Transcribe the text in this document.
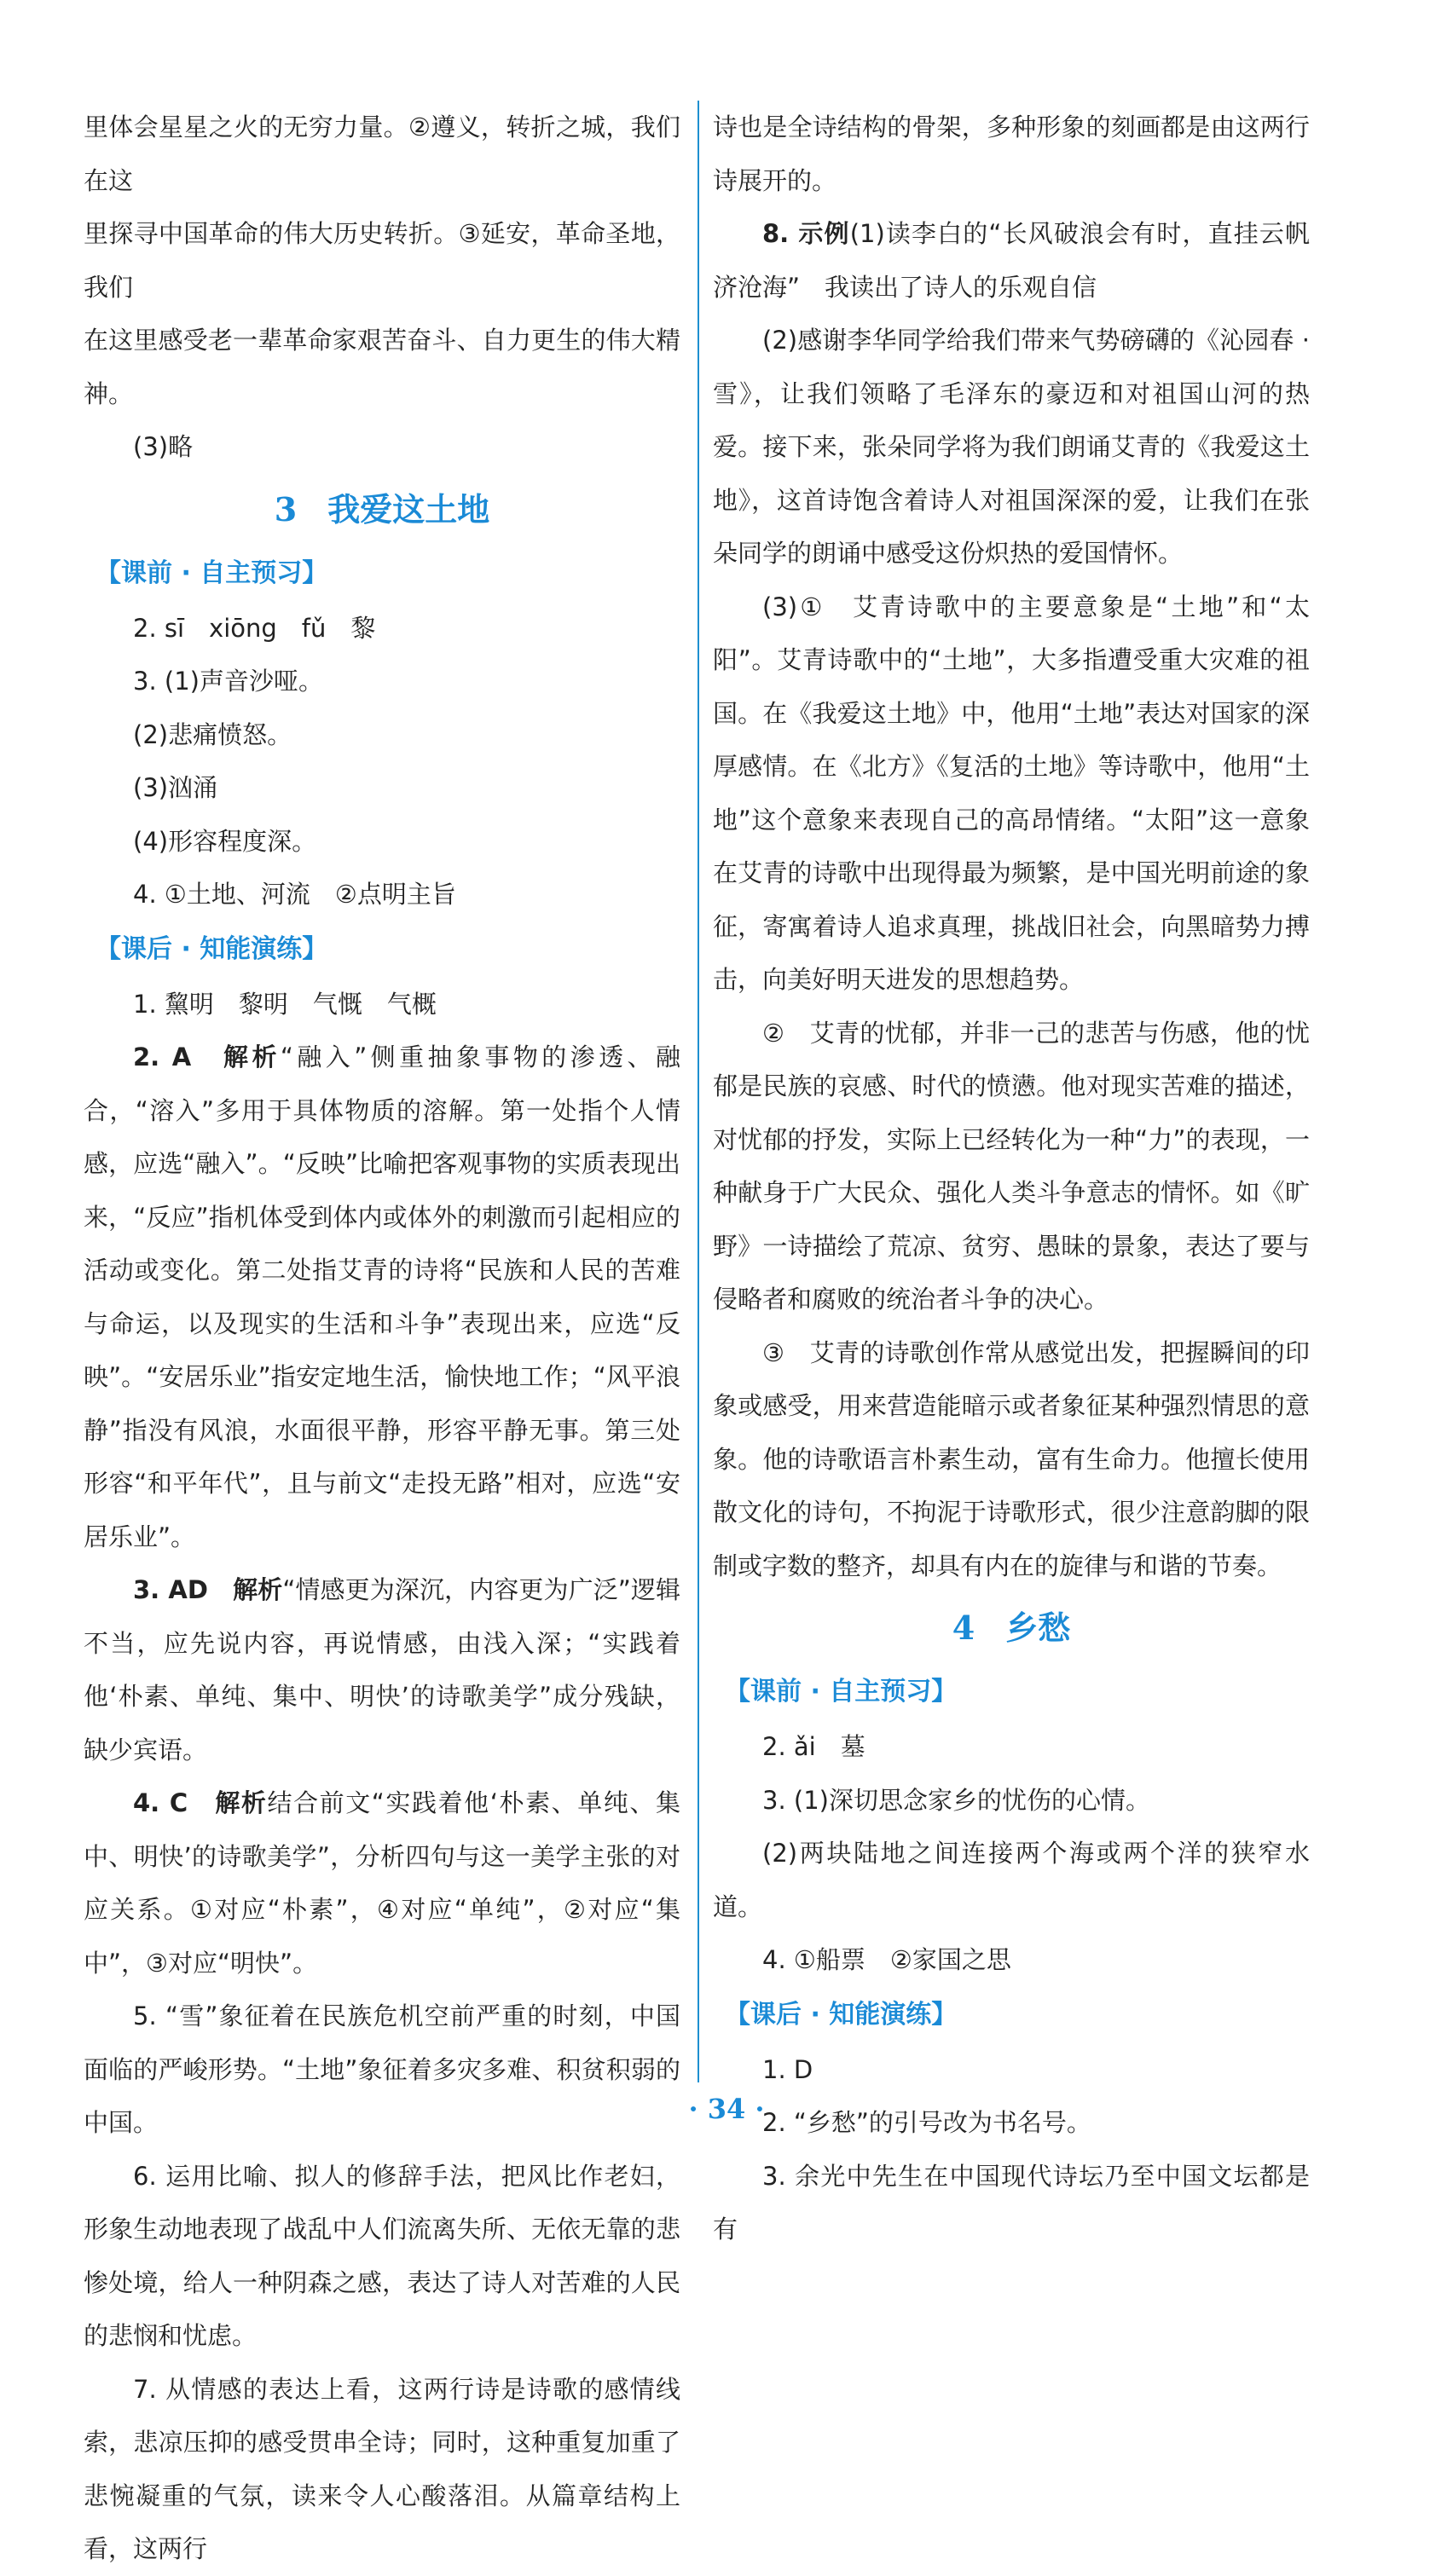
里体会星星之火的无穷力量。②遵义，转折之城，我们在这

里探寻中国革命的伟大历史转折。③延安，革命圣地，我们

在这里感受老一辈革命家艰苦奋斗、自力更生的伟大精神。

(3)略

3 我爱这土地

【课前 · 自主预习】

2. sī　xiōng　fǔ　黎

3. (1)声音沙哑。

(2)悲痛愤怒。

(3)汹涌

(4)形容程度深。

4. ①土地、河流　②点明主旨

【课后 · 知能演练】

1. 黧明　黎明　气慨　气概

2. A　解析“融入”侧重抽象事物的渗透、融合，“溶入”多用于具体物质的溶解。第一处指个人情感，应选“融入”。“反映”比喻把客观事物的实质表现出来，“反应”指机体受到体内或体外的刺激而引起相应的活动或变化。第二处指艾青的诗将“民族和人民的苦难与命运，以及现实的生活和斗争”表现出来，应选“反映”。“安居乐业”指安定地生活，愉快地工作；“风平浪静”指没有风浪，水面很平静，形容平静无事。第三处形容“和平年代”，且与前文“走投无路”相对，应选“安居乐业”。

3. AD　解析“情感更为深沉，内容更为广泛”逻辑不当，应先说内容，再说情感，由浅入深；“实践着他‘朴素、单纯、集中、明快’的诗歌美学”成分残缺，缺少宾语。

4. C　解析结合前文“实践着他‘朴素、单纯、集中、明快’的诗歌美学”，分析四句与这一美学主张的对应关系。①对应“朴素”，④对应“单纯”，②对应“集中”，③对应“明快”。

5. “雪”象征着在民族危机空前严重的时刻，中国面临的严峻形势。“土地”象征着多灾多难、积贫积弱的中国。

6. 运用比喻、拟人的修辞手法，把风比作老妇，形象生动地表现了战乱中人们流离失所、无依无靠的悲惨处境，给人一种阴森之感，表达了诗人对苦难的人民的悲悯和忧虑。

7. 从情感的表达上看，这两行诗是诗歌的感情线索，悲凉压抑的感受贯串全诗；同时，这种重复加重了悲惋凝重的气氛，读来令人心酸落泪。从篇章结构上看，这两行

诗也是全诗结构的骨架，多种形象的刻画都是由这两行诗展开的。

8. 示例(1)读李白的“长风破浪会有时，直挂云帆济沧海”　我读出了诗人的乐观自信

(2)感谢李华同学给我们带来气势磅礴的《沁园春 · 雪》，让我们领略了毛泽东的豪迈和对祖国山河的热爱。接下来，张朵同学将为我们朗诵艾青的《我爱这土地》，这首诗饱含着诗人对祖国深深的爱，让我们在张朵同学的朗诵中感受这份炽热的爱国情怀。

(3)①　艾青诗歌中的主要意象是“土地”和“太阳”。艾青诗歌中的“土地”，大多指遭受重大灾难的祖国。在《我爱这土地》中，他用“土地”表达对国家的深厚感情。在《北方》《复活的土地》等诗歌中，他用“土地”这个意象来表现自己的高昂情绪。“太阳”这一意象在艾青的诗歌中出现得最为频繁，是中国光明前途的象征，寄寓着诗人追求真理，挑战旧社会，向黑暗势力搏击，向美好明天进发的思想趋势。

②　艾青的忧郁，并非一己的悲苦与伤感，他的忧郁是民族的哀感、时代的愤懑。他对现实苦难的描述，对忧郁的抒发，实际上已经转化为一种“力”的表现，一种献身于广大民众、强化人类斗争意志的情怀。如《旷野》一诗描绘了荒凉、贫穷、愚昧的景象，表达了要与侵略者和腐败的统治者斗争的决心。

③　艾青的诗歌创作常从感觉出发，把握瞬间的印象或感受，用来营造能暗示或者象征某种强烈情思的意象。他的诗歌语言朴素生动，富有生命力。他擅长使用散文化的诗句，不拘泥于诗歌形式，很少注意韵脚的限制或字数的整齐，却具有内在的旋律与和谐的节奏。

4 乡愁

【课前 · 自主预习】

2. ǎi　墓

3. (1)深切思念家乡的忧伤的心情。

(2)两块陆地之间连接两个海或两个洋的狭窄水道。

4. ①船票　②家国之思

【课后 · 知能演练】

1. D

2. “乡愁”的引号改为书名号。

3. 余光中先生在中国现代诗坛乃至中国文坛都是有

· 34 ·
